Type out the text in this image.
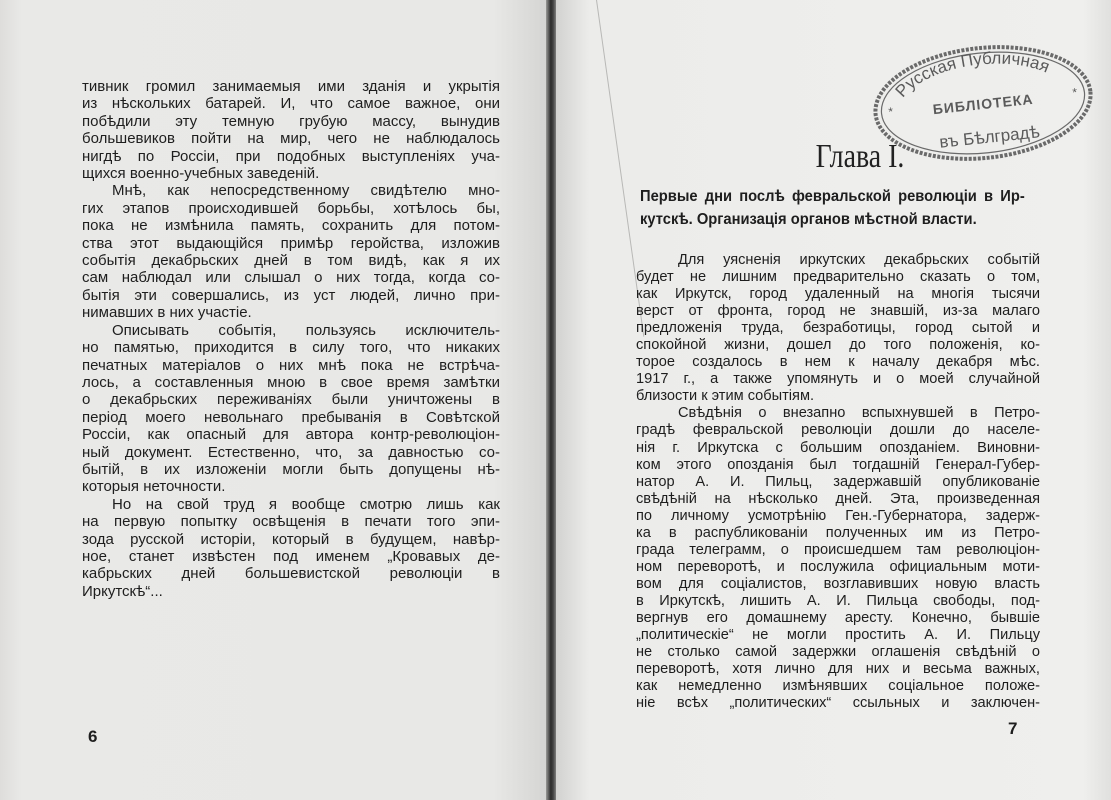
тивник громил занимаемыя ими зданія и укрытія
из нѣскольких батарей. И, что самое важное, они
побѣдили эту темную грубую массу, вынудив
большевиков пойти на мир, чего не наблюдалось
нигдѣ по Россіи, при подобных выступленіях уча-
щихся военно-учебных заведеній.
Мнѣ, как непосредственному свидѣтелю мно-
гих этапов происходившей борьбы, хотѣлось бы,
пока не измѣнила память, сохранить для потом-
ства этот выдающійся примѣр геройства, изложив
событія декабрьских дней в том видѣ, как я их
сам наблюдал или слышал о них тогда, когда со-
бытія эти совершались, из уст людей, лично при-
нимавших в них участіе.
Описывать событія, пользуясь исключитель-
но памятью, приходится в силу того, что никаких
печатных матеріалов о них мнѣ пока не встрѣча-
лось, а составленныя мною в свое время замѣтки
о декабрьских переживаніях были уничтожены в
період моего невольнаго пребыванія в Совѣтской
Россіи, как опасный для автора контр-революціон-
ный документ. Естественно, что, за давностью со-
бытій, в их изложеніи могли быть допущены нѣ-
которыя неточности.
Но на свой труд я вообще смотрю лишь как
на первую попытку освѣщенія в печати того эпи-
зода русской исторіи, который в будущем, навѣр-
ное, станет извѣстен под именем „Кровавых де-
кабрьских дней большевистской революціи в
Иркутскѣ“...
6	7
Русская Публичная
БИБЛІОТЕКА
въ Бѣлградѣ
*
*
Глава I.
Первые дни послѣ февральской революціи в Ир-
кутскѣ. Организація органов мѣстной власти.
Для уясненія иркутских декабрьских событій
будет не лишним предварительно сказать о том,
как Иркутск, город удаленный на многія тысячи
верст от фронта, город не знавшій, из-за малаго
предложенія труда, безработицы, город сытой и
спокойной жизни, дошел до того положенія, ко-
торое создалось в нем к началу декабря мѣс.
1917 г., а также упомянуть и о моей случайной
близости к этим событіям.
Свѣдѣнія о внезапно вспыхнувшей в Петро-
градѣ февральской революціи дошли до населе-
нія г. Иркутска с большим опозданіем. Виновни-
ком этого опозданія был тогдашній Генерал-Губер-
натор А. И. Пильц, задержавшій опубликованіе
свѣдѣній на нѣсколько дней. Эта, произведенная
по личному усмотрѣнію Ген.-Губернатора, задерж-
ка в распубликованіи полученных им из Петро-
града телеграмм, о происшедшем там революціон-
ном переворотѣ, и послужила официальным моти-
вом для соціалистов, возглавивших новую власть
в Иркутскѣ, лишить А. И. Пильца свободы, под-
вергнув его домашнему аресту. Конечно, бывшіе
„политическіе“ не могли простить А. И. Пильцу
не столько самой задержки оглашенія свѣдѣній о
переворотѣ, хотя лично для них и весьма важных,
как немедленно измѣнявших соціальное положе-
ніе всѣх „политических“ ссыльных и заключен-
